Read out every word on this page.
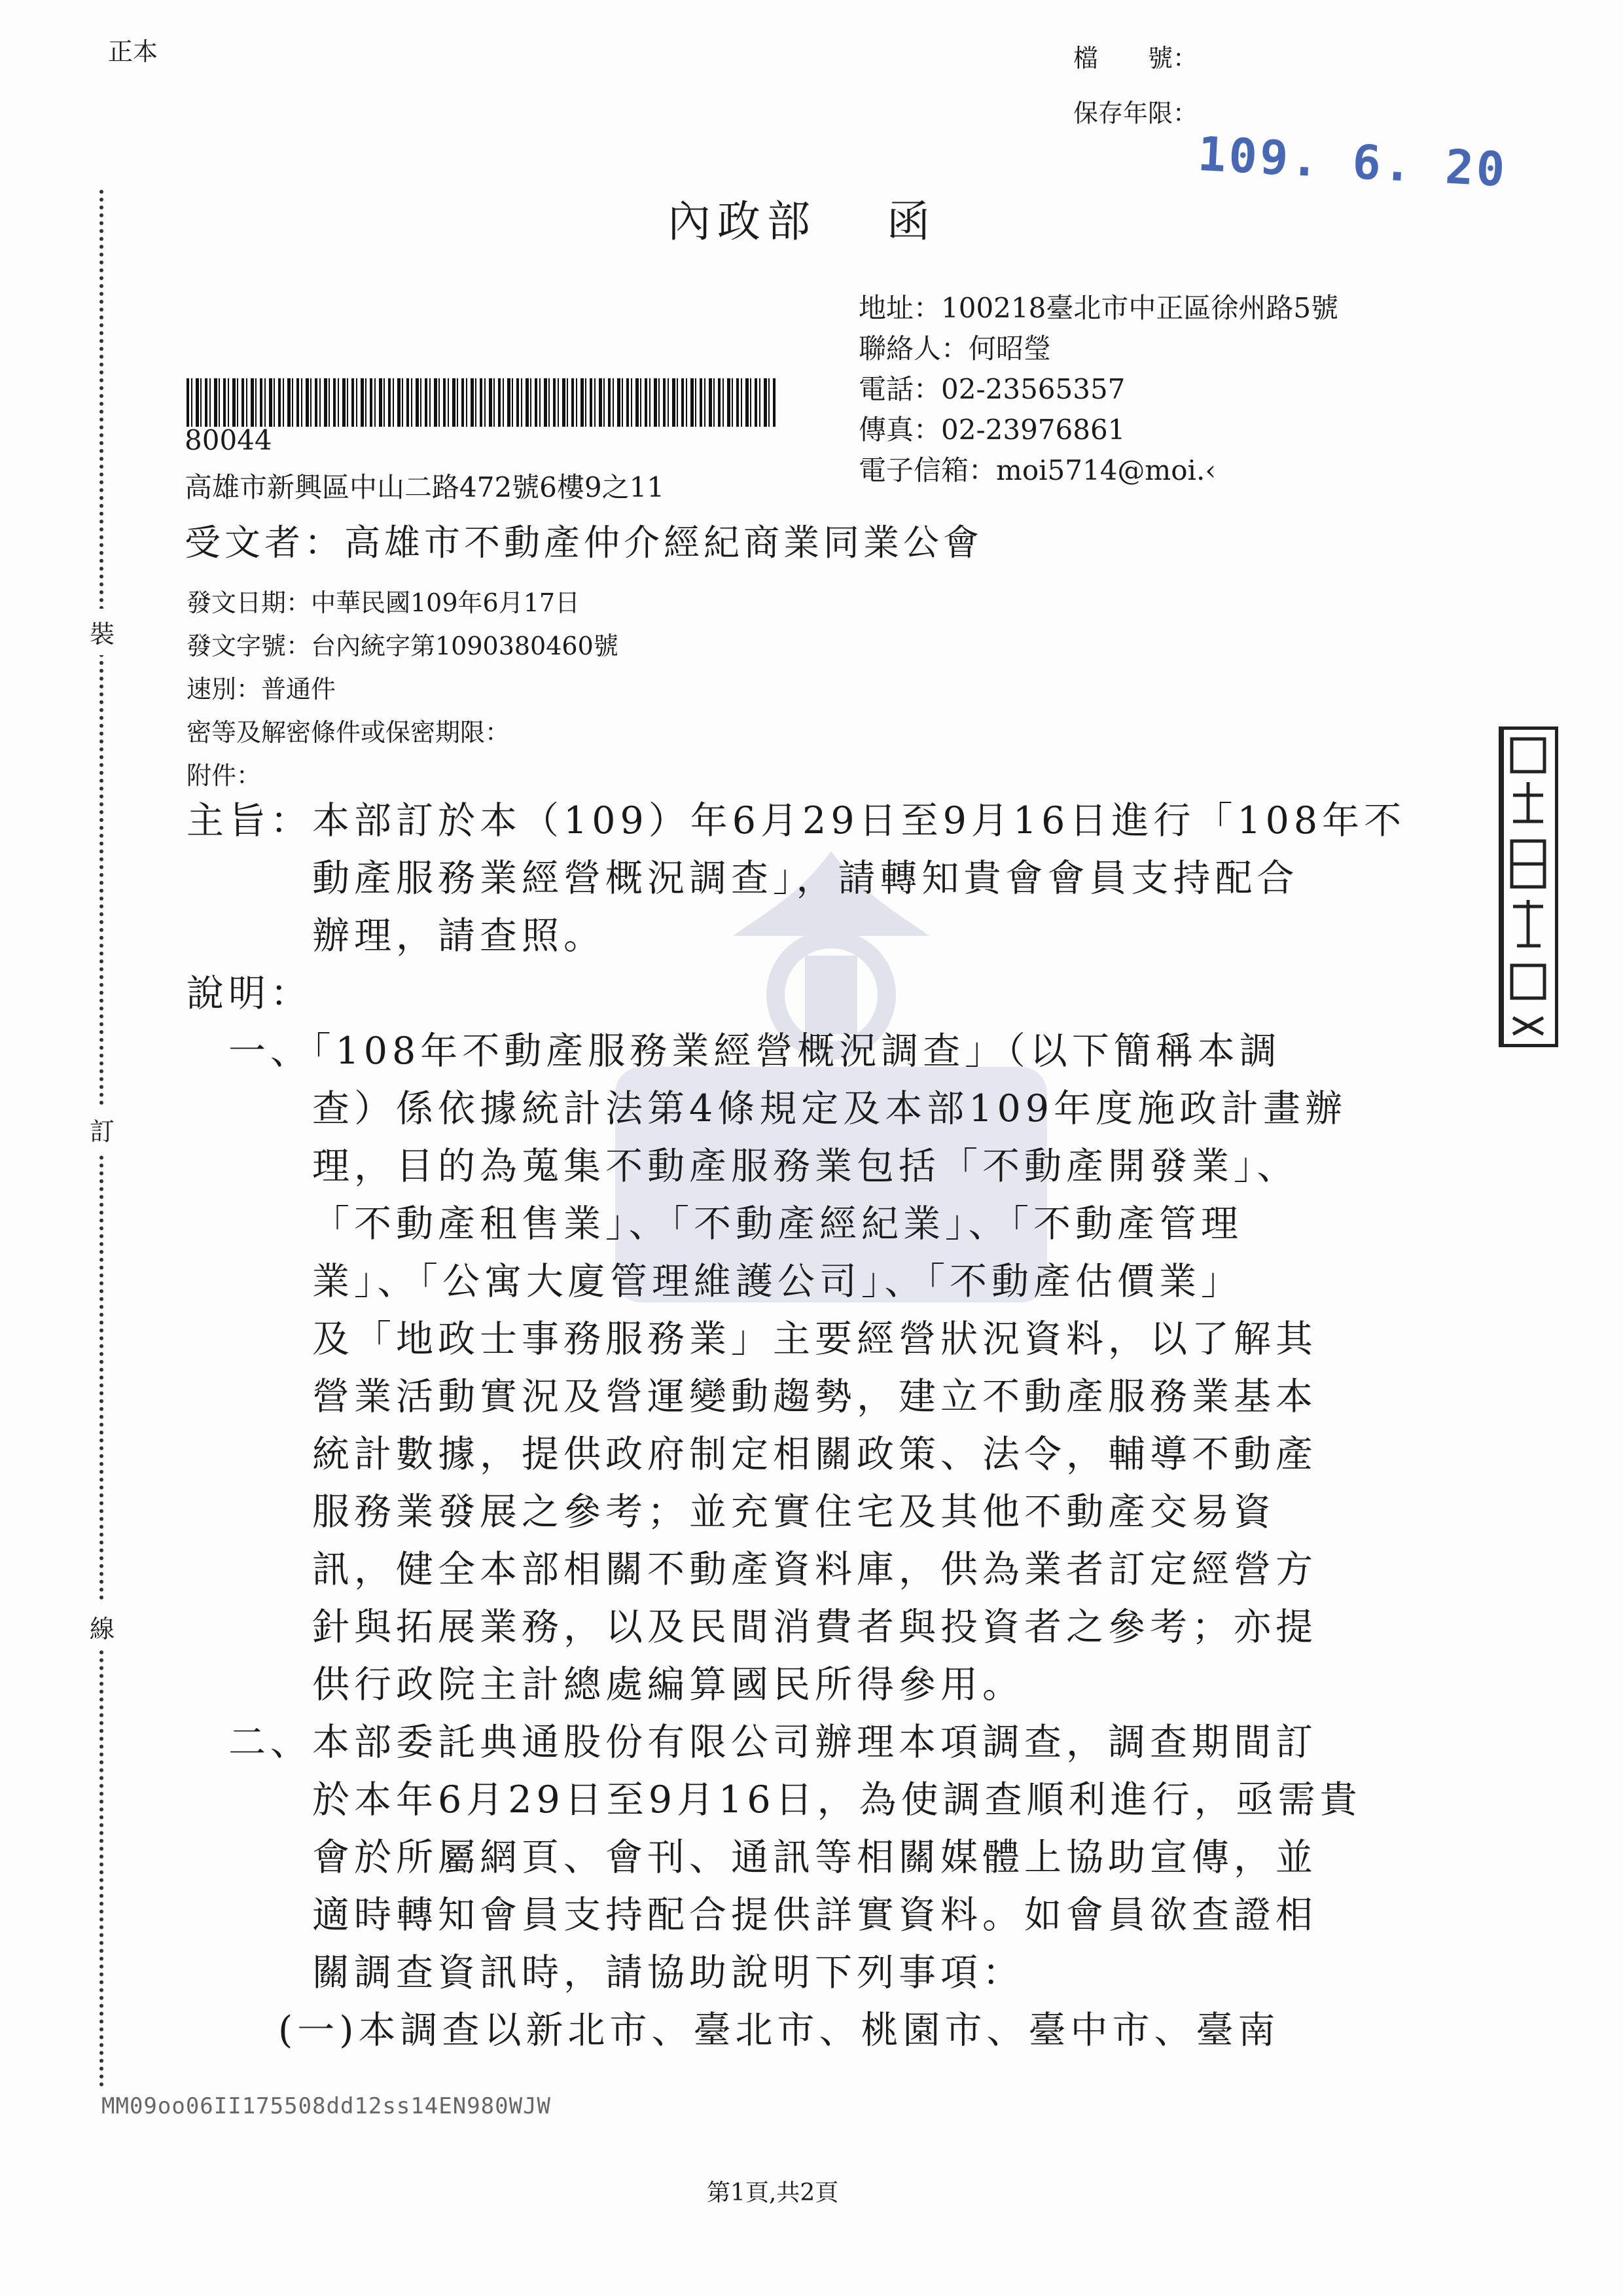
正本	檔　　號：
保存年限：
109. 6. 20
內政部　 函
地址：100218臺北市中正區徐州路5號
聯絡人：何昭瑩
電話：02-23565357
傳真：02-23976861
電子信箱：moi5714@moi.‹
80044
高雄市新興區中山二路472號6樓9之11
受文者：高雄市不動產仲介經紀商業同業公會
發文日期：中華民國109年6月17日
發文字號：台內統字第1090380460號
速別：普通件
密等及解密條件或保密期限：
附件：
裝
訂
線
主旨：本部訂於本（109）年6月29日至9月16日進行「108年不
動產服務業經營概況調查」，請轉知貴會會員支持配合
辦理，請查照。
說明：
一、「108年不動產服務業經營概況調查」（以下簡稱本調
查）係依據統計法第4條規定及本部109年度施政計畫辦
理，目的為蒐集不動產服務業包括「不動產開發業」、
「不動產租售業」、「不動產經紀業」、「不動產管理
業」、「公寓大廈管理維護公司」、「不動產估價業」
及「地政士事務服務業」主要經營狀況資料，以了解其
營業活動實況及營運變動趨勢，建立不動產服務業基本
統計數據，提供政府制定相關政策、法令，輔導不動產
服務業發展之參考；並充實住宅及其他不動產交易資
訊，健全本部相關不動產資料庫，供為業者訂定經營方
針與拓展業務，以及民間消費者與投資者之參考；亦提
供行政院主計總處編算國民所得參用。
二、本部委託典通股份有限公司辦理本項調查，調查期間訂
於本年6月29日至9月16日，為使調查順利進行，亟需貴
會於所屬網頁、會刊、通訊等相關媒體上協助宣傳，並
適時轉知會員支持配合提供詳實資料。如會員欲查證相
關調查資訊時，請協助說明下列事項：
(一)本調查以新北市、臺北市、桃園市、臺中市、臺南
MM09oo06II175508dd12ss14EN980WJW
第1頁,共2頁
